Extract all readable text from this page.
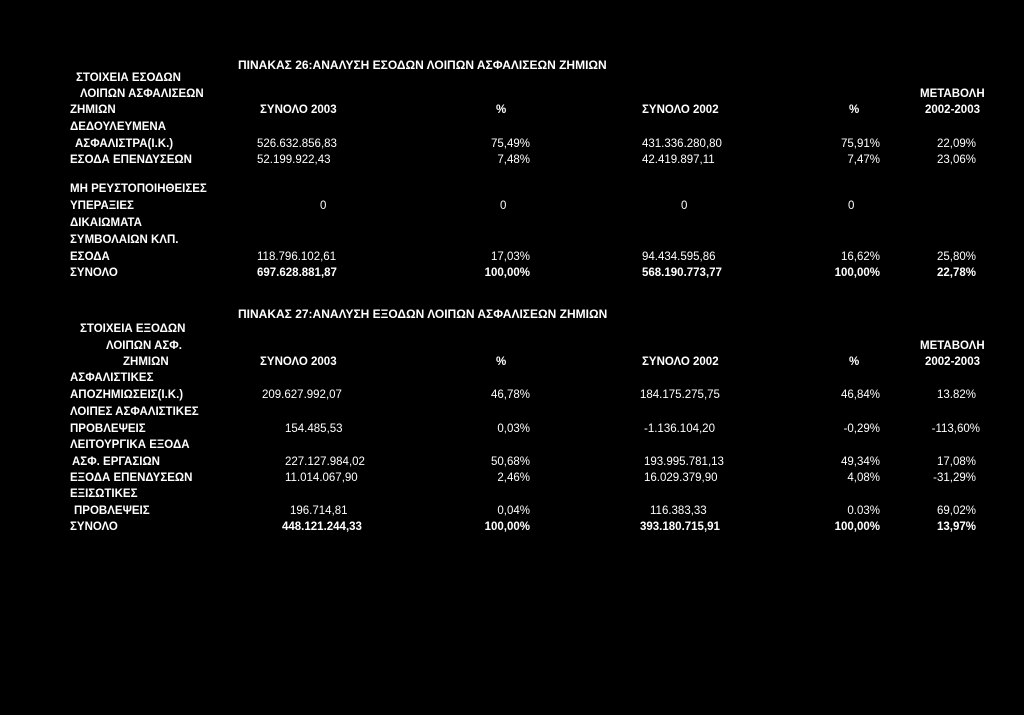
ΠΙΝΑΚΑΣ 26:ΑΝΑΛΥΣΗ ΕΣΟΔΩΝ ΛΟΙΠΩΝ ΑΣΦΑΛΙΣΕΩΝ ΖΗΜΙΩΝ
ΣΤΟΙΧΕΙΑ ΕΣΟΔΩΝ
ΛΟΙΠΩΝ ΑΣΦΑΛΙΣΕΩΝ	ΜΕΤΑΒΟΛΗ
ΖΗΜΙΩΝ	ΣΥΝΟΛΟ 2003	%	ΣΥΝΟΛΟ 2002	%	2002-2003
ΔΕΔΟΥΛΕΥΜΕΝΑ
ΑΣΦΑΛΙΣΤΡΑ(Ι.Κ.)	526.632.856,83	75,49%	431.336.280,80	75,91%	22,09%
ΕΣΟΔΑ ΕΠΕΝΔΥΣΕΩΝ	52.199.922,43	7,48%	42.419.897,11	7,47%	23,06%
ΜΗ ΡΕΥΣΤΟΠΟΙΗΘΕΙΣΕΣ
ΥΠΕΡΑΞΙΕΣ	0	0	0	0
ΔΙΚΑΙΩΜΑΤΑ
ΣΥΜΒΟΛΑΙΩΝ ΚΛΠ.
ΕΣΟΔΑ	118.796.102,61	17,03%	94.434.595,86	16,62%	25,80%
ΣΥΝΟΛΟ	697.628.881,87	100,00%	568.190.773,77	100,00%	22,78%
ΠΙΝΑΚΑΣ 27:ΑΝΑΛΥΣΗ ΕΞΟΔΩΝ ΛΟΙΠΩΝ ΑΣΦΑΛΙΣΕΩΝ ΖΗΜΙΩΝ
ΣΤΟΙΧΕΙΑ ΕΞΟΔΩΝ
ΛΟΙΠΩΝ ΑΣΦ.	ΜΕΤΑΒΟΛΗ
ΖΗΜΙΩΝ	ΣΥΝΟΛΟ 2003	%	ΣΥΝΟΛΟ 2002	%	2002-2003
ΑΣΦΑΛΙΣΤΙΚΕΣ
ΑΠΟΖΗΜΙΩΣΕΙΣ(Ι.Κ.)	209.627.992,07	46,78%	184.175.275,75	46,84%	13.82%
ΛΟΙΠΕΣ ΑΣΦΑΛΙΣΤΙΚΕΣ
ΠΡΟΒΛΕΨΕΙΣ	154.485,53	0,03%	-1.136.104,20	-0,29%	-113,60%
ΛΕΙΤΟΥΡΓΙΚΑ ΕΞΟΔΑ
ΑΣΦ. ΕΡΓΑΣΙΩΝ	227.127.984,02	50,68%	193.995.781,13	49,34%	17,08%
ΕΞΟΔΑ ΕΠΕΝΔΥΣΕΩΝ	11.014.067,90	2,46%	16.029.379,90	4,08%	-31,29%
ΕΞΙΣΩΤΙΚΕΣ
ΠΡΟΒΛΕΨΕΙΣ	196.714,81	0,04%	116.383,33	0.03%	69,02%
ΣΥΝΟΛΟ	448.121.244,33	100,00%	393.180.715,91	100,00%	13,97%
